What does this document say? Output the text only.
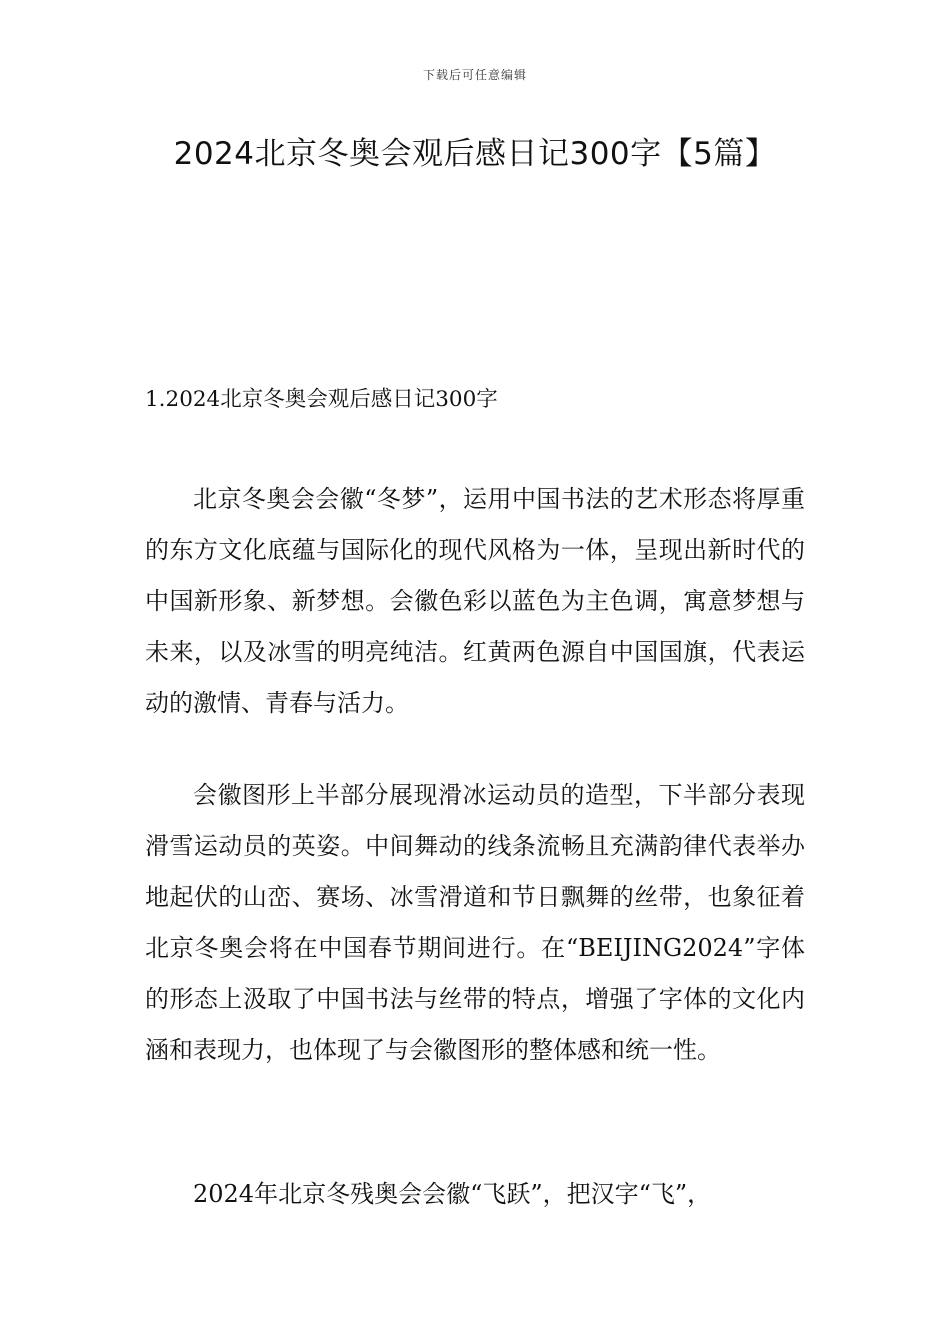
下载后可任意编辑
2024北京冬奥会观后感日记300字【5篇】
1.2024北京冬奥会观后感日记300字

北京冬奥会会徽“冬梦”，运用中国书法的艺术形态将厚重的东方文化底蕴与国际化的现代风格为一体，呈现出新时代的中国新形象、新梦想。会徽色彩以蓝色为主色调，寓意梦想与未来，以及冰雪的明亮纯洁。红黄两色源自中国国旗，代表运动的激情、青春与活力。

会徽图形上半部分展现滑冰运动员的造型，下半部分表现滑雪运动员的英姿。中间舞动的线条流畅且充满韵律代表举办地起伏的山峦、赛场、冰雪滑道和节日飘舞的丝带，也象征着北京冬奥会将在中国春节期间进行。在“BEIJING2024”字体的形态上汲取了中国书法与丝带的特点，增强了字体的文化内涵和表现力，也体现了与会徽图形的整体感和统一性。

2024年北京冬残奥会会徽“飞跃”，把汉字“飞”，
